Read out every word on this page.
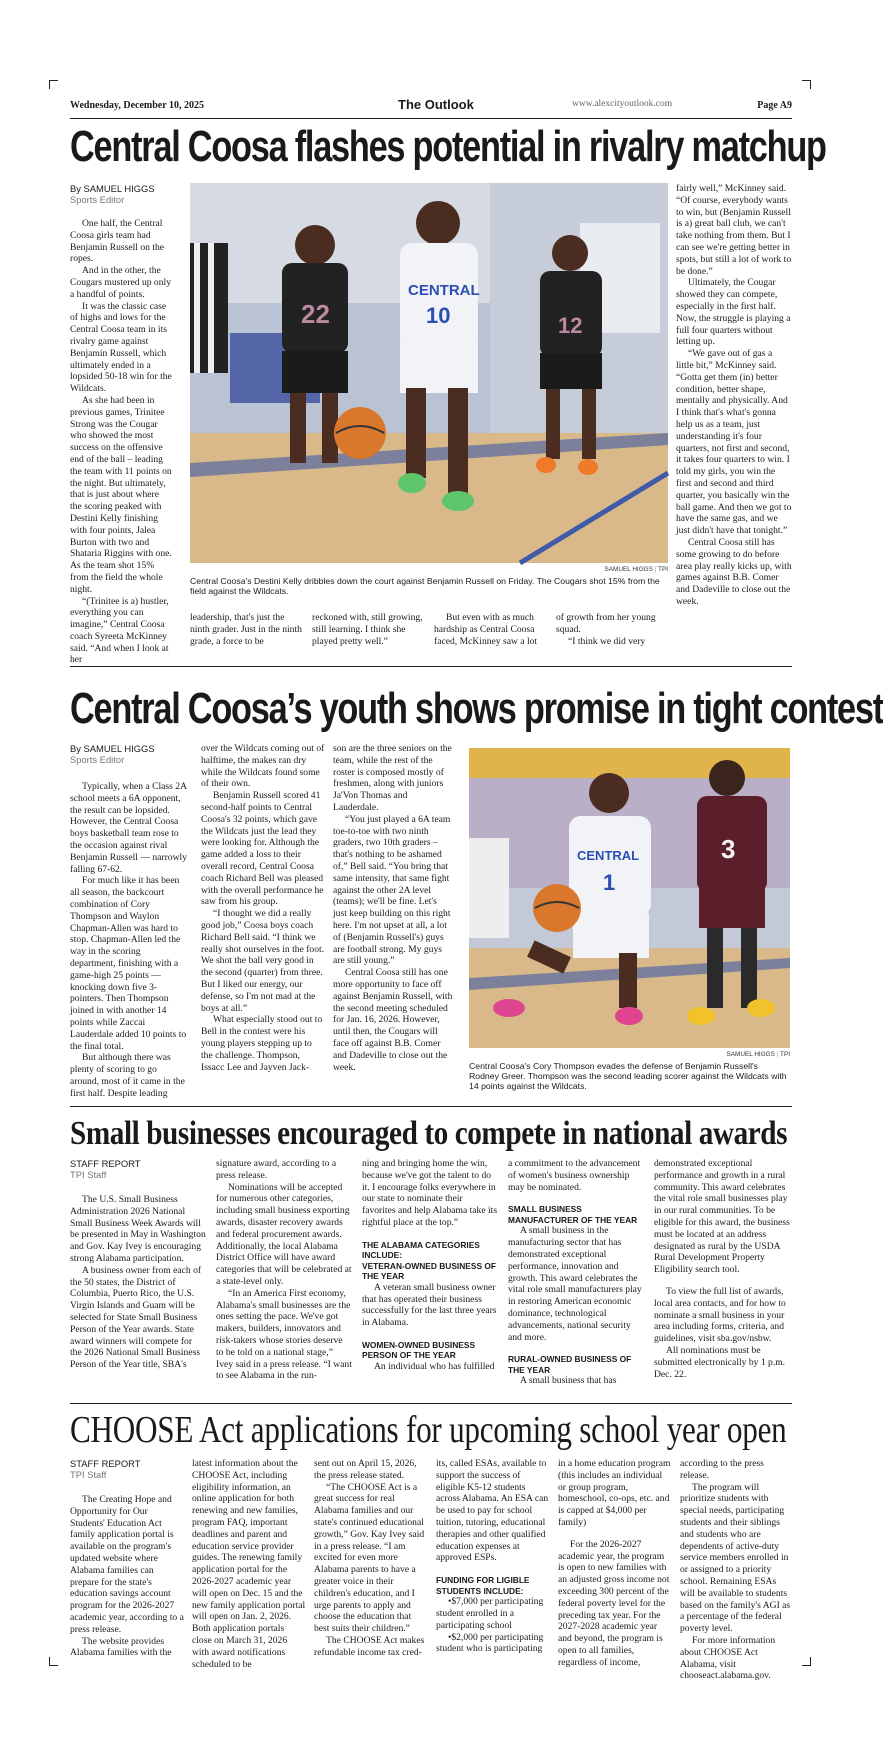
Wednesday, December 10, 2025	The Outlook	www.alexcityoutlook.com	Page A9
Central Coosa flashes potential in rivalry matchup
By SAMUEL HIGGS
Sports Editor

One half, the Central Coosa girls team had Benjamin Russell on the ropes.

And in the other, the Cougars mustered up only a handful of points.

It was the classic case of highs and lows for the Central Coosa team in its rivalry game against Benjamin Russell, which ultimately ended in a lopsided 50-18 win for the Wildcats.

As she had been in previous games, Trinitee Strong was the Cougar who showed the most success on the offensive end of the ball – leading the team with 11 points on the night. But ultimately, that is just about where the scoring peaked with Destini Kelly finishing with four points, Jalea Burton with two and Shataria Riggins with one. As the team shot 15% from the field the whole night.

“(Trinitee is a) hustler, everything you can imagine,” Central Coosa coach Syreeta McKinney said. “And when I look at her

22
CENTRAL
10	12
SAMUEL HIGGS | TPI
Central Coosa's Destini Kelly dribbles down the court against Benjamin Russell on Friday. The Cougars shot 15% from the field against the Wildcats.

leadership, that's just the ninth grader. Just in the ninth grade, a force to be

reckoned with, still growing, still learning. I think she played pretty well.”

But even with as much hardship as Central Coosa faced, McKinney saw a lot

of growth from her young squad.

“I think we did very

fairly well,” McKinney said. “Of course, everybody wants to win, but (Benjamin Russell is a) great ball club, we can't take nothing from them. But I can see we're getting better in spots, but still a lot of work to be done.”

Ultimately, the Cougar showed they can compete, especially in the first half. Now, the struggle is playing a full four quarters without letting up.

“We gave out of gas a little bit,” McKinney said. “Gotta get them (in) better condition, better shape, mentally and physically. And I think that's what's gonna help us as a team, just understanding it's four quarters, not first and second, it takes four quarters to win. I told my girls, you win the first and second and third quarter, you basically win the ball game. And then we got to have the same gas, and we just didn't have that tonight.”

Central Coosa still has some growing to do before area play really kicks up, with games against B.B. Comer and Dadeville to close out the week.

Central Coosa’s youth shows promise in tight contest
By SAMUEL HIGGS
Sports Editor

Typically, when a Class 2A school meets a 6A opponent, the result can be lopsided. However, the Central Coosa boys basketball team rose to the occasion against rival Benjamin Russell — narrowly falling 67-62.

For much like it has been all season, the backcourt combination of Cory Thompson and Waylon Chapman-Allen was hard to stop. Chapman-Allen led the way in the scoring department, finishing with a game-high 25 points — knocking down five 3-pointers. Then Thompson joined in with another 14 points while Zaccai Lauderdale added 10 points to the final total.

But although there was plenty of scoring to go around, most of it came in the first half. Despite leading

over the Wildcats coming out of halftime, the makes ran dry while the Wildcats found some of their own.

Benjamin Russell scored 41 second-half points to Central Coosa's 32 points, which gave the Wildcats just the lead they were looking for. Although the game added a loss to their overall record, Central Coosa coach Richard Bell was pleased with the overall performance he saw from his group.

“I thought we did a really good job,” Coosa boys coach Richard Bell said. “I think we really shot ourselves in the foot. We shot the ball very good in the second (quarter) from three. But I liked our energy, our defense, so I'm not mad at the boys at all.”

What especially stood out to Bell in the contest were his young players stepping up to the challenge. Thompson, Issacc Lee and Jayven Jack-

son are the three seniors on the team, while the rest of the roster is composed mostly of freshmen, along with juniors Ja'Von Thomas and Lauderdale.

“You just played a 6A team toe-to-toe with two ninth graders, two 10th graders – that's nothing to be ashamed of,” Bell said. “You bring that same intensity, that same fight against the other 2A level (teams); we'll be fine. Let's just keep building on this right here. I'm not upset at all, a lot of (Benjamin Russell's) guys are football strong. My guys are still young.”

Central Coosa still has one more opportunity to face off against Benjamin Russell, with the second meeting scheduled for Jan. 16, 2026. However, until then, the Cougars will face off against B.B. Comer and Dadeville to close out the week.

CENTRAL
1
3
SAMUEL HIGGS | TPI
Central Coosa's Cory Thompson evades the defense of Benjamin Russell's Rodney Greer. Thompson was the second leading scorer against the Wildcats with 14 points against the Wildcats.
Small businesses encouraged to compete in national awards
STAFF REPORT
TPI Staff

The U.S. Small Business Administration 2026 National Small Business Week Awards will be presented in May in Washington and Gov. Kay Ivey is encouraging strong Alabama participation.

A business owner from each of the 50 states, the District of Columbia, Puerto Rico, the U.S. Virgin Islands and Guam will be selected for State Small Business Person of the Year awards. State award winners will compete for the 2026 National Small Business Person of the Year title, SBA's

signature award, according to a press release.

Nominations will be accepted for numerous other categories, including small business exporting awards, disaster recovery awards and federal procurement awards. Additionally, the local Alabama District Office will have award categories that will be celebrated at a state-level only.

“In an America First economy, Alabama's small businesses are the ones setting the pace. We've got makers, builders, innovators and risk-takers whose stories deserve to be told on a national stage,” Ivey said in a press release. “I want to see Alabama in the run-

ning and bringing home the win, because we've got the talent to do it. I encourage folks everywhere in our state to nominate their favorites and help Alabama take its rightful place at the top.”

THE ALABAMA CATEGORIES INCLUDE:
VETERAN-OWNED BUSINESS OF THE YEAR

A veteran small business owner that has operated their business successfully for the last three years in Alabama.

WOMEN-OWNED BUSINESS PERSON OF THE YEAR

An individual who has fulfilled

a commitment to the advancement of women's business ownership may be nominated.

SMALL BUSINESS MANUFACTURER OF THE YEAR

A small business in the manufacturing sector that has demonstrated exceptional performance, innovation and growth. This award celebrates the vital role small manufacturers play in restoring American economic dominance, technological advancements, national security and more.

RURAL-OWNED BUSINESS OF THE YEAR

A small business that has

demonstrated exceptional performance and growth in a rural community. This award celebrates the vital role small businesses play in our rural communities. To be eligible for this award, the business must be located at an address designated as rural by the USDA Rural Development Property Eligibility search tool.

To view the full list of awards, local area contacts, and for how to nominate a small business in your area including forms, criteria, and guidelines, visit sba.gov/nsbw.

All nominations must be submitted electronically by 1 p.m. Dec. 22.

CHOOSE Act applications for upcoming school year open
STAFF REPORT
TPI Staff

The Creating Hope and Opportunity for Our Students' Education Act family application portal is available on the program's updated website where Alabama families can prepare for the state's education savings account program for the 2026-2027 academic year, according to a press release.

The website provides Alabama families with the

latest information about the CHOOSE Act, including eligibility information, an online application for both renewing and new families, program FAQ, important deadlines and parent and education service provider guides. The renewing family application portal for the 2026-2027 academic year will open on Dec. 15 and the new family application portal will open on Jan. 2, 2026. Both application portals close on March 31, 2026 with award notifications scheduled to be

sent out on April 15, 2026, the press release stated.

“The CHOOSE Act is a great success for real Alabama families and our state's continued educational growth,” Gov. Kay Ivey said in a press release. “I am excited for even more Alabama parents to have a greater voice in their children's education, and I urge parents to apply and choose the education that best suits their children.”

The CHOOSE Act makes refundable income tax cred-

its, called ESAs, available to support the success of eligible K5-12 students across Alabama. An ESA can be used to pay for school tuition, tutoring, educational therapies and other qualified education expenses at approved ESPs.

FUNDING FOR LIGIBLE STUDENTS INCLUDE:

•$7,000 per participating student enrolled in a participating school

•$2,000 per participating student who is participating

in a home education program (this includes an individual or group program, homeschool, co-ops, etc. and is capped at $4,000 per family)

For the 2026-2027 academic year, the program is open to new families with an adjusted gross income not exceeding 300 percent of the federal poverty level for the preceding tax year. For the 2027-2028 academic year and beyond, the program is open to all families, regardless of income,

according to the press release.

The program will prioritize students with special needs, participating students and their siblings and students who are dependents of active-duty service members enrolled in or assigned to a priority school. Remaining ESAs will be available to students based on the family's AGI as a percentage of the federal poverty level.

For more information about CHOOSE Act Alabama, visit chooseact.alabama.gov.
